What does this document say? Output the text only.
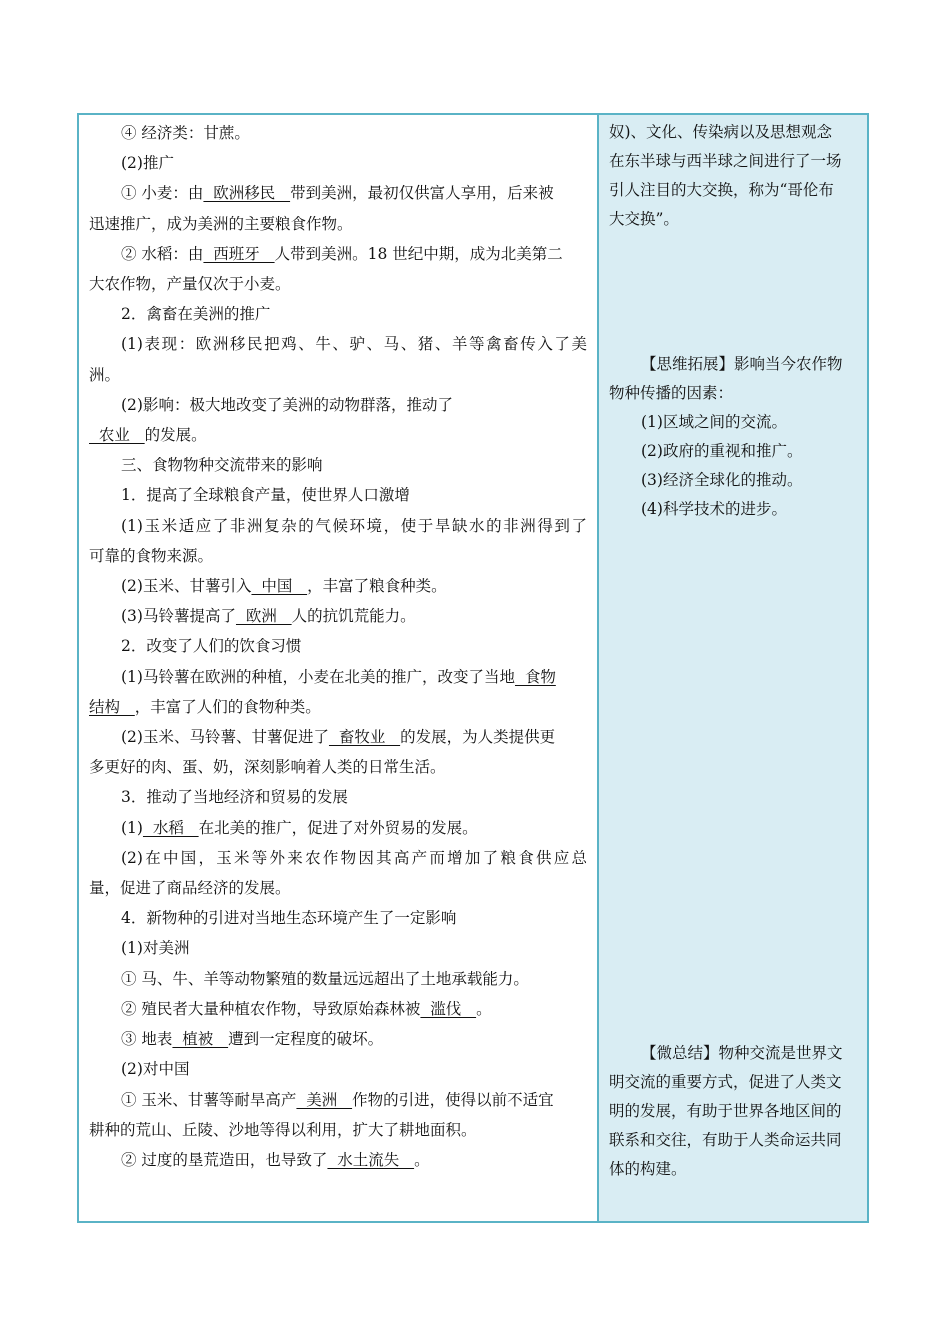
④ 经济类：甘蔗。
(2)推广
① 小麦：由  欧洲移民   带到美洲，最初仅供富人享用，后来被
迅速推广，成为美洲的主要粮食作物。
② 水稻：由  西班牙   人带到美洲。18 世纪中期，成为北美第二
大农作物，产量仅次于小麦。
2．禽畜在美洲的推广
(1)表现：欧洲移民把鸡、牛、驴、马、猪、羊等禽畜传入了美
洲。
(2)影响：极大地改变了美洲的动物群落，推动了
农业   的发展。
三、食物物种交流带来的影响
1．提高了全球粮食产量，使世界人口激增
(1)玉米适应了非洲复杂的气候环境，使于旱缺水的非洲得到了
可靠的食物来源。
(2)玉米、甘薯引入  中国   ，丰富了粮食种类。
(3)马铃薯提高了  欧洲   人的抗饥荒能力。
2．改变了人们的饮食习惯
(1)马铃薯在欧洲的种植，小麦在北美的推广，改变了当地  食物
结构   ，丰富了人们的食物种类。
(2)玉米、马铃薯、甘薯促进了  畜牧业   的发展，为人类提供更
多更好的肉、蛋、奶，深刻影响着人类的日常生活。
3．推动了当地经济和贸易的发展
(1)  水稻   在北美的推广，促进了对外贸易的发展。
(2)在中国，玉米等外来农作物因其高产而增加了粮食供应总
量，促进了商品经济的发展。
4．新物种的引进对当地生态环境产生了一定影响
(1)对美洲
① 马、牛、羊等动物繁殖的数量远远超出了土地承载能力。
② 殖民者大量种植农作物，导致原始森林被  滥伐   。
③ 地表  植被   遭到一定程度的破坏。
(2)对中国
① 玉米、甘薯等耐旱高产  美洲   作物的引进，使得以前不适宜
耕种的荒山、丘陵、沙地等得以利用，扩大了耕地面积。
② 过度的垦荒造田，也导致了  水土流失   。
奴)、文化、传染病以及思想观念
在东半球与西半球之间进行了一场
引人注目的大交换，称为“哥伦布
大交换”。
【思维拓展】影响当今农作物
物种传播的因素：
(1)区域之间的交流。
(2)政府的重视和推广。
(3)经济全球化的推动。
(4)科学技术的进步。
【微总结】物种交流是世界文
明交流的重要方式，促进了人类文
明的发展，有助于世界各地区间的
联系和交往，有助于人类命运共同
体的构建。
